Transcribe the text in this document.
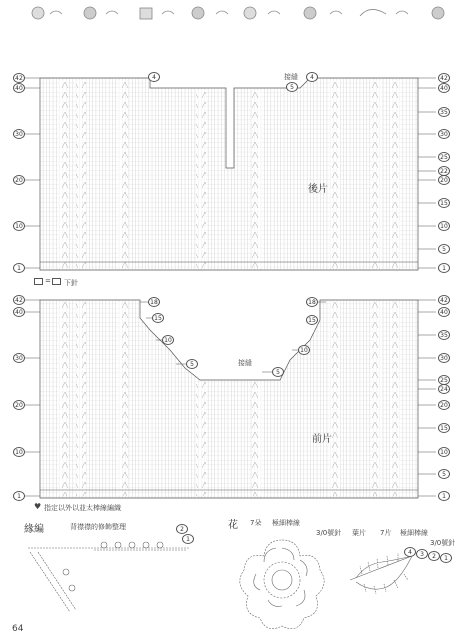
42
40
30
20
10
1
42
40
35
30
25
22
20
15
10
5
1
4	接縫	4
5
後片
= 下針
42
40
30
20
10
1
42
40
35
30
25
24
20
15
10
5
1
18
15
10
5	接縫
5
10
15
18
前片
♥ 指定以外以並太棒線編織
緣編	背襟襟的修飾整理
1
2	花 7朵 極細棒線
3/0號針 葉片 7片 極細棒線
3/0號針
4	3	2	1
64
